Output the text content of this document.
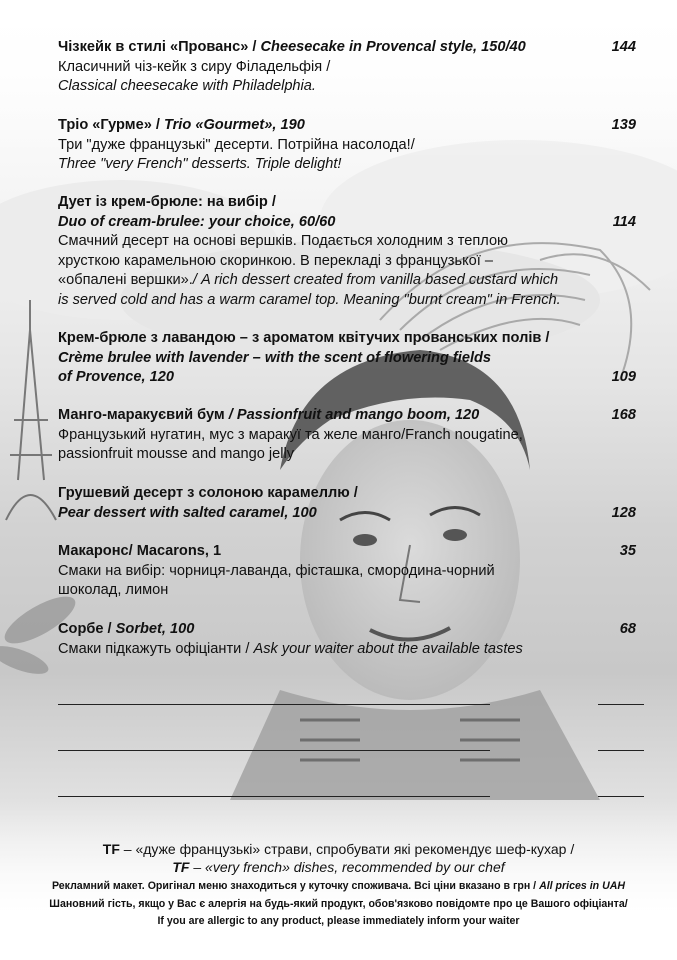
Чізкейк в стилі «Прованс» / Cheesecake in Provencal style, 150/40	144
Класичний чіз-кейк з сиру Філадельфія /
Classical cheesecake with Philadelphia.
Тріо «Гурме» / Trio «Gourmet», 190	139
Три "дуже французькі" десерти. Потрійна насолода!/
Three "very French" desserts. Triple delight!
Дует із крем-брюле: на вибір /
Duo of cream-brulee: your choice, 60/60	114
Смачний десерт на основі вершків. Подається холодним з теплою
хрусткою карамельною скоринкою. В перекладі з французької –
«обпалені вершки»./ A rich dessert created from vanilla based custard which
is served cold and has a warm caramel top. Meaning "burnt cream" in French.
Крем-брюле з лавандою – з ароматом квітучих прованських полів /
Crème brulee with lavender – with the scent of flowering fields
of Provence, 120	109
Манго-маракуєвий бум / Passionfruit and mango boom, 120	168
Французький нугатин, мус з маракуї та желе манго/Franch nougatine,
passionfruit mousse and mango jelly
Грушевий десерт з солоною карамеллю /
Pear dessert with salted caramel, 100	128
Макаронс/ Macarons, 1	35
Смаки на вибір: чорниця-лаванда, фісташка, смородина-чорний
шоколад, лимон
Сорбе / Sorbet, 100	68
Смаки підкажуть офіціанти / Ask your waiter about the available tastes
TF – «дуже французькі» страви, спробувати які рекомендує шеф-кухар /
TF – «very french» dishes, recommended by our chef
Рекламний макет. Оригінал меню знаходиться у куточку споживача. Всі ціни вказано в грн / All prices in UAH
Шановний гість, якщо у Вас є алергія на будь-який продукт, обов'язково повідомте про це Вашого офіціанта/
If you are allergic to any product, please immediately inform your waiter
